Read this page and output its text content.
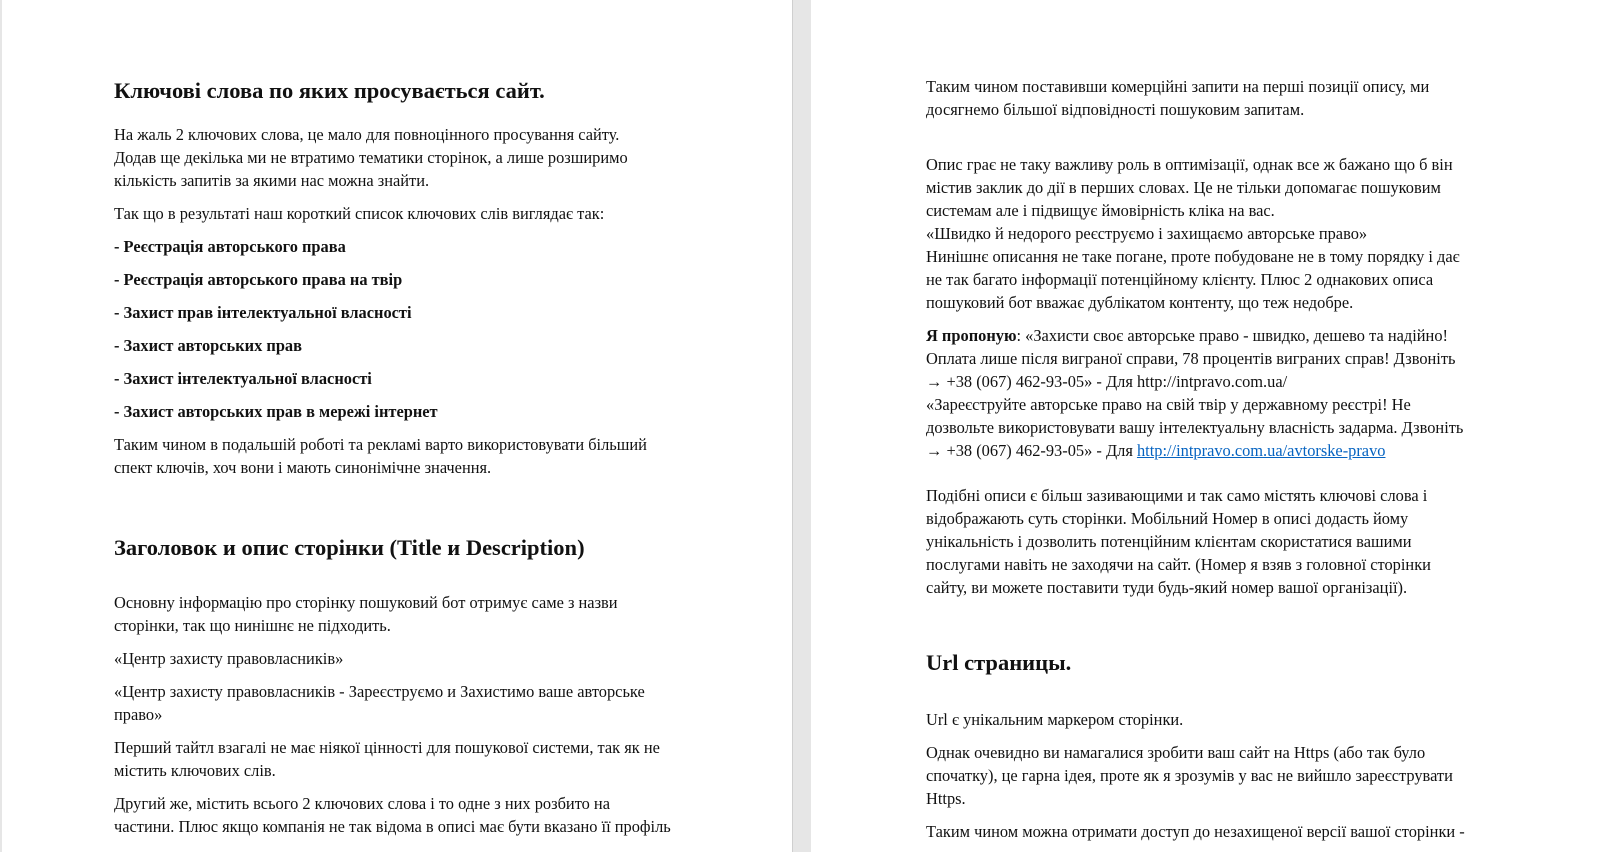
Ключові слова по яких просувається сайт.

На жаль 2 ключових слова, це мало для повноцінного просування сайту.
Додав ще декілька ми не втратимо тематики сторінок, а лише розширимо
кількість запитів за якими нас можна знайти.

Так що в результаті наш короткий список ключових слів виглядає так:

- Реєстрація авторського права

- Реєстрація авторського права на твір

- Захист прав інтелектуальної власності

- Захист авторських прав

- Захист інтелектуальної власності

- Захист авторських прав в мережі інтернет

Таким чином в подальшій роботі та рекламі варто використовувати більший
спект ключів, хоч вони і мають синонімічне значення.

Заголовок и опис сторінки (Title и Description)

Основну інформацію про сторінку пошуковий бот отримує саме з назви
сторінки, так що нинішнє не підходить.

«Центр захисту правовласників»

«Центр захисту правовласників - Зареєструємо и Захистимо ваше авторське
право»

Перший тайтл взагалі не має ніякої цінності для пошукової системи, так як не
містить ключових слів.

Другий же, містить всього 2 ключових слова і то одне з них розбито на
частини. Плюс якщо компанія не так відома в описі має бути вказано її профіль

Таким чином поставивши комерційні запити на перші позиції опису, ми
досягнемо більшої відповідності пошуковим запитам.

Опис грає не таку важливу роль в оптимізації, однак все ж бажано що б він
містив заклик до дії в перших словах. Це не тільки допомагає пошуковим
системам але і підвищує ймовірність кліка на вас.
«Швидко й недорого реєструємо і захищаємо авторське право»
Нинішнє описання не таке погане, проте побудоване не в тому порядку і дає
не так багато інформації потенційному клієнту. Плюс 2 однакових описа
пошуковий бот вважає дублікатом контенту, що теж недобре.

Я пропоную: «Захисти своє авторське право - швидко, дешево та надійно!
Оплата лише після виграної справи, 78 процентів виграних справ! Дзвоніть
→ +38 (067) 462-93-05» - Для http://intpravo.com.ua/
«Зареєструйте авторське право на свій твір у державному реєстрі! Не
дозвольте використовувати вашу інтелектуальну власність задарма. Дзвоніть
→ +38 (067) 462-93-05» - Для http://intpravo.com.ua/avtorske-pravo

Подібні описи є більш зазивающими и так само містять ключові слова і
відображають суть сторінки. Мобільний Номер в описі додасть йому
унікальність і дозволить потенційним клієнтам скористатися вашими
послугами навіть не заходячи на сайт. (Номер я взяв з головної сторінки
сайту, ви можете поставити туди будь-який номер вашої організації).

Url страницы.

Url є унікальним маркером сторінки.

Однак очевидно ви намагалися зробити ваш сайт на Https (або так було
спочатку), це гарна ідея, проте як я зрозумів у вас не вийшло зареєструвати
Https.

Таким чином можна отримати доступ до незахищеної версії вашої сторінки -
